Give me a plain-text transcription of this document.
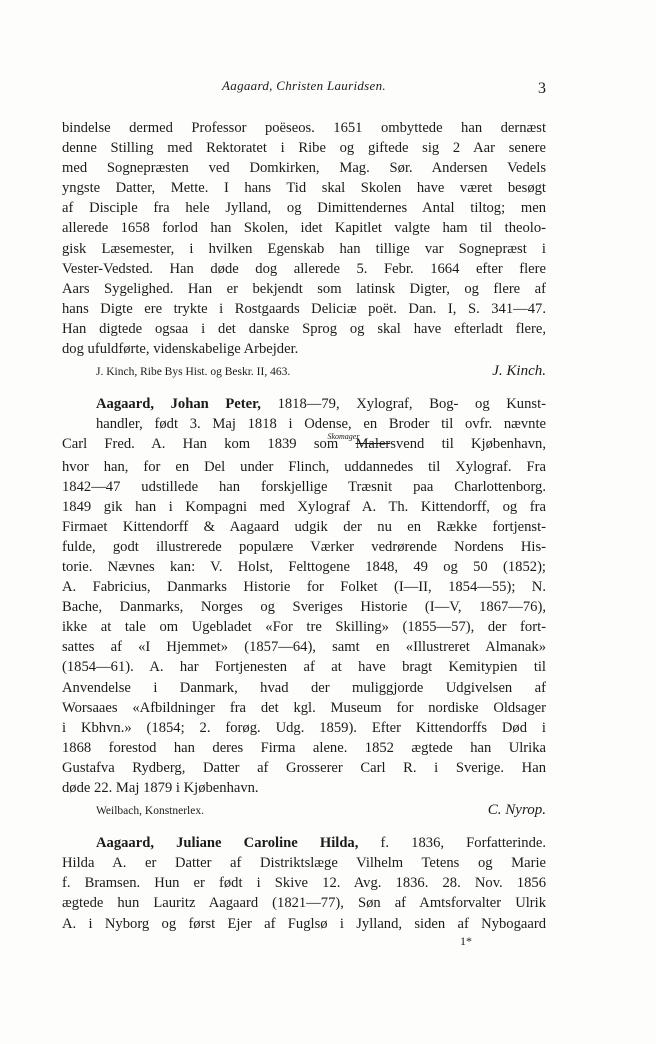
Aagaard, Christen Lauridsen.	3
bindelse dermed Professor poëseos. 1651 ombyttede han dernæst
denne Stilling med Rektoratet i Ribe og giftede sig 2 Aar senere
med Sognepræsten ved Domkirken, Mag. Sør. Andersen Vedels
yngste Datter, Mette. I hans Tid skal Skolen have været besøgt
af Disciple fra hele Jylland, og Dimittendernes Antal tiltog; men
allerede 1658 forlod han Skolen, idet Kapitlet valgte ham til theolo-
gisk Læsemester, i hvilken Egenskab han tillige var Sognepræst i
Vester-Vedsted. Han døde dog allerede 5. Febr. 1664 efter flere
Aars Sygelighed. Han er bekjendt som latinsk Digter, og flere af
hans Digte ere trykte i Rostgaards Deliciæ poët. Dan. I, S. 341—47.
Han digtede ogsaa i det danske Sprog og skal have efterladt flere,
dog ufuldførte, videnskabelige Arbejder.
J. Kinch, Ribe Bys Hist. og Beskr. II, 463.	J. Kinch.
Aagaard, Johan Peter, 1818—79, Xylograf, Bog- og Kunst-
handler, født 3. Maj 1818 i Odense, en Broder til ovfr. nævnte
Carl Fred. A. Han kom 1839 som $^{Skomager}$Malersvend til Kjøbenhavn,
hvor han, for en Del under Flinch, uddannedes til Xylograf. Fra
1842—47 udstillede han forskjellige Træsnit paa Charlottenborg.
1849 gik han i Kompagni med Xylograf A. Th. Kittendorff, og fra
Firmaet Kittendorff & Aagaard udgik der nu en Række fortjenst-
fulde, godt illustrerede populære Værker vedrørende Nordens His-
torie. Nævnes kan: V. Holst, Felttogene 1848, 49 og 50 (1852);
A. Fabricius, Danmarks Historie for Folket (I—II, 1854—55); N.
Bache, Danmarks, Norges og Sveriges Historie (I—V, 1867—76),
ikke at tale om Ugebladet «For tre Skilling» (1855—57), der fort-
sattes af «I Hjemmet» (1857—64), samt en «Illustreret Almanak»
(1854—61). A. har Fortjenesten af at have bragt Kemitypien til
Anvendelse i Danmark, hvad der muliggjorde Udgivelsen af
Worsaaes «Afbildninger fra det kgl. Museum for nordiske Oldsager
i Kbhvn.» (1854; 2. forøg. Udg. 1859). Efter Kittendorffs Død i
1868 forestod han deres Firma alene. 1852 ægtede han Ulrika
Gustafva Rydberg, Datter af Grosserer Carl R. i Sverige. Han
døde 22. Maj 1879 i Kjøbenhavn.
Weilbach, Konstnerlex.	C. Nyrop.
Aagaard, Juliane Caroline Hilda, f. 1836, Forfatterinde.
Hilda A. er Datter af Distriktslæge Vilhelm Tetens og Marie
f. Bramsen. Hun er født i Skive 12. Avg. 1836. 28. Nov. 1856
ægtede hun Lauritz Aagaard (1821—77), Søn af Amtsforvalter Ulrik
A. i Nyborg og først Ejer af Fuglsø i Jylland, siden af Nybogaard
1*
